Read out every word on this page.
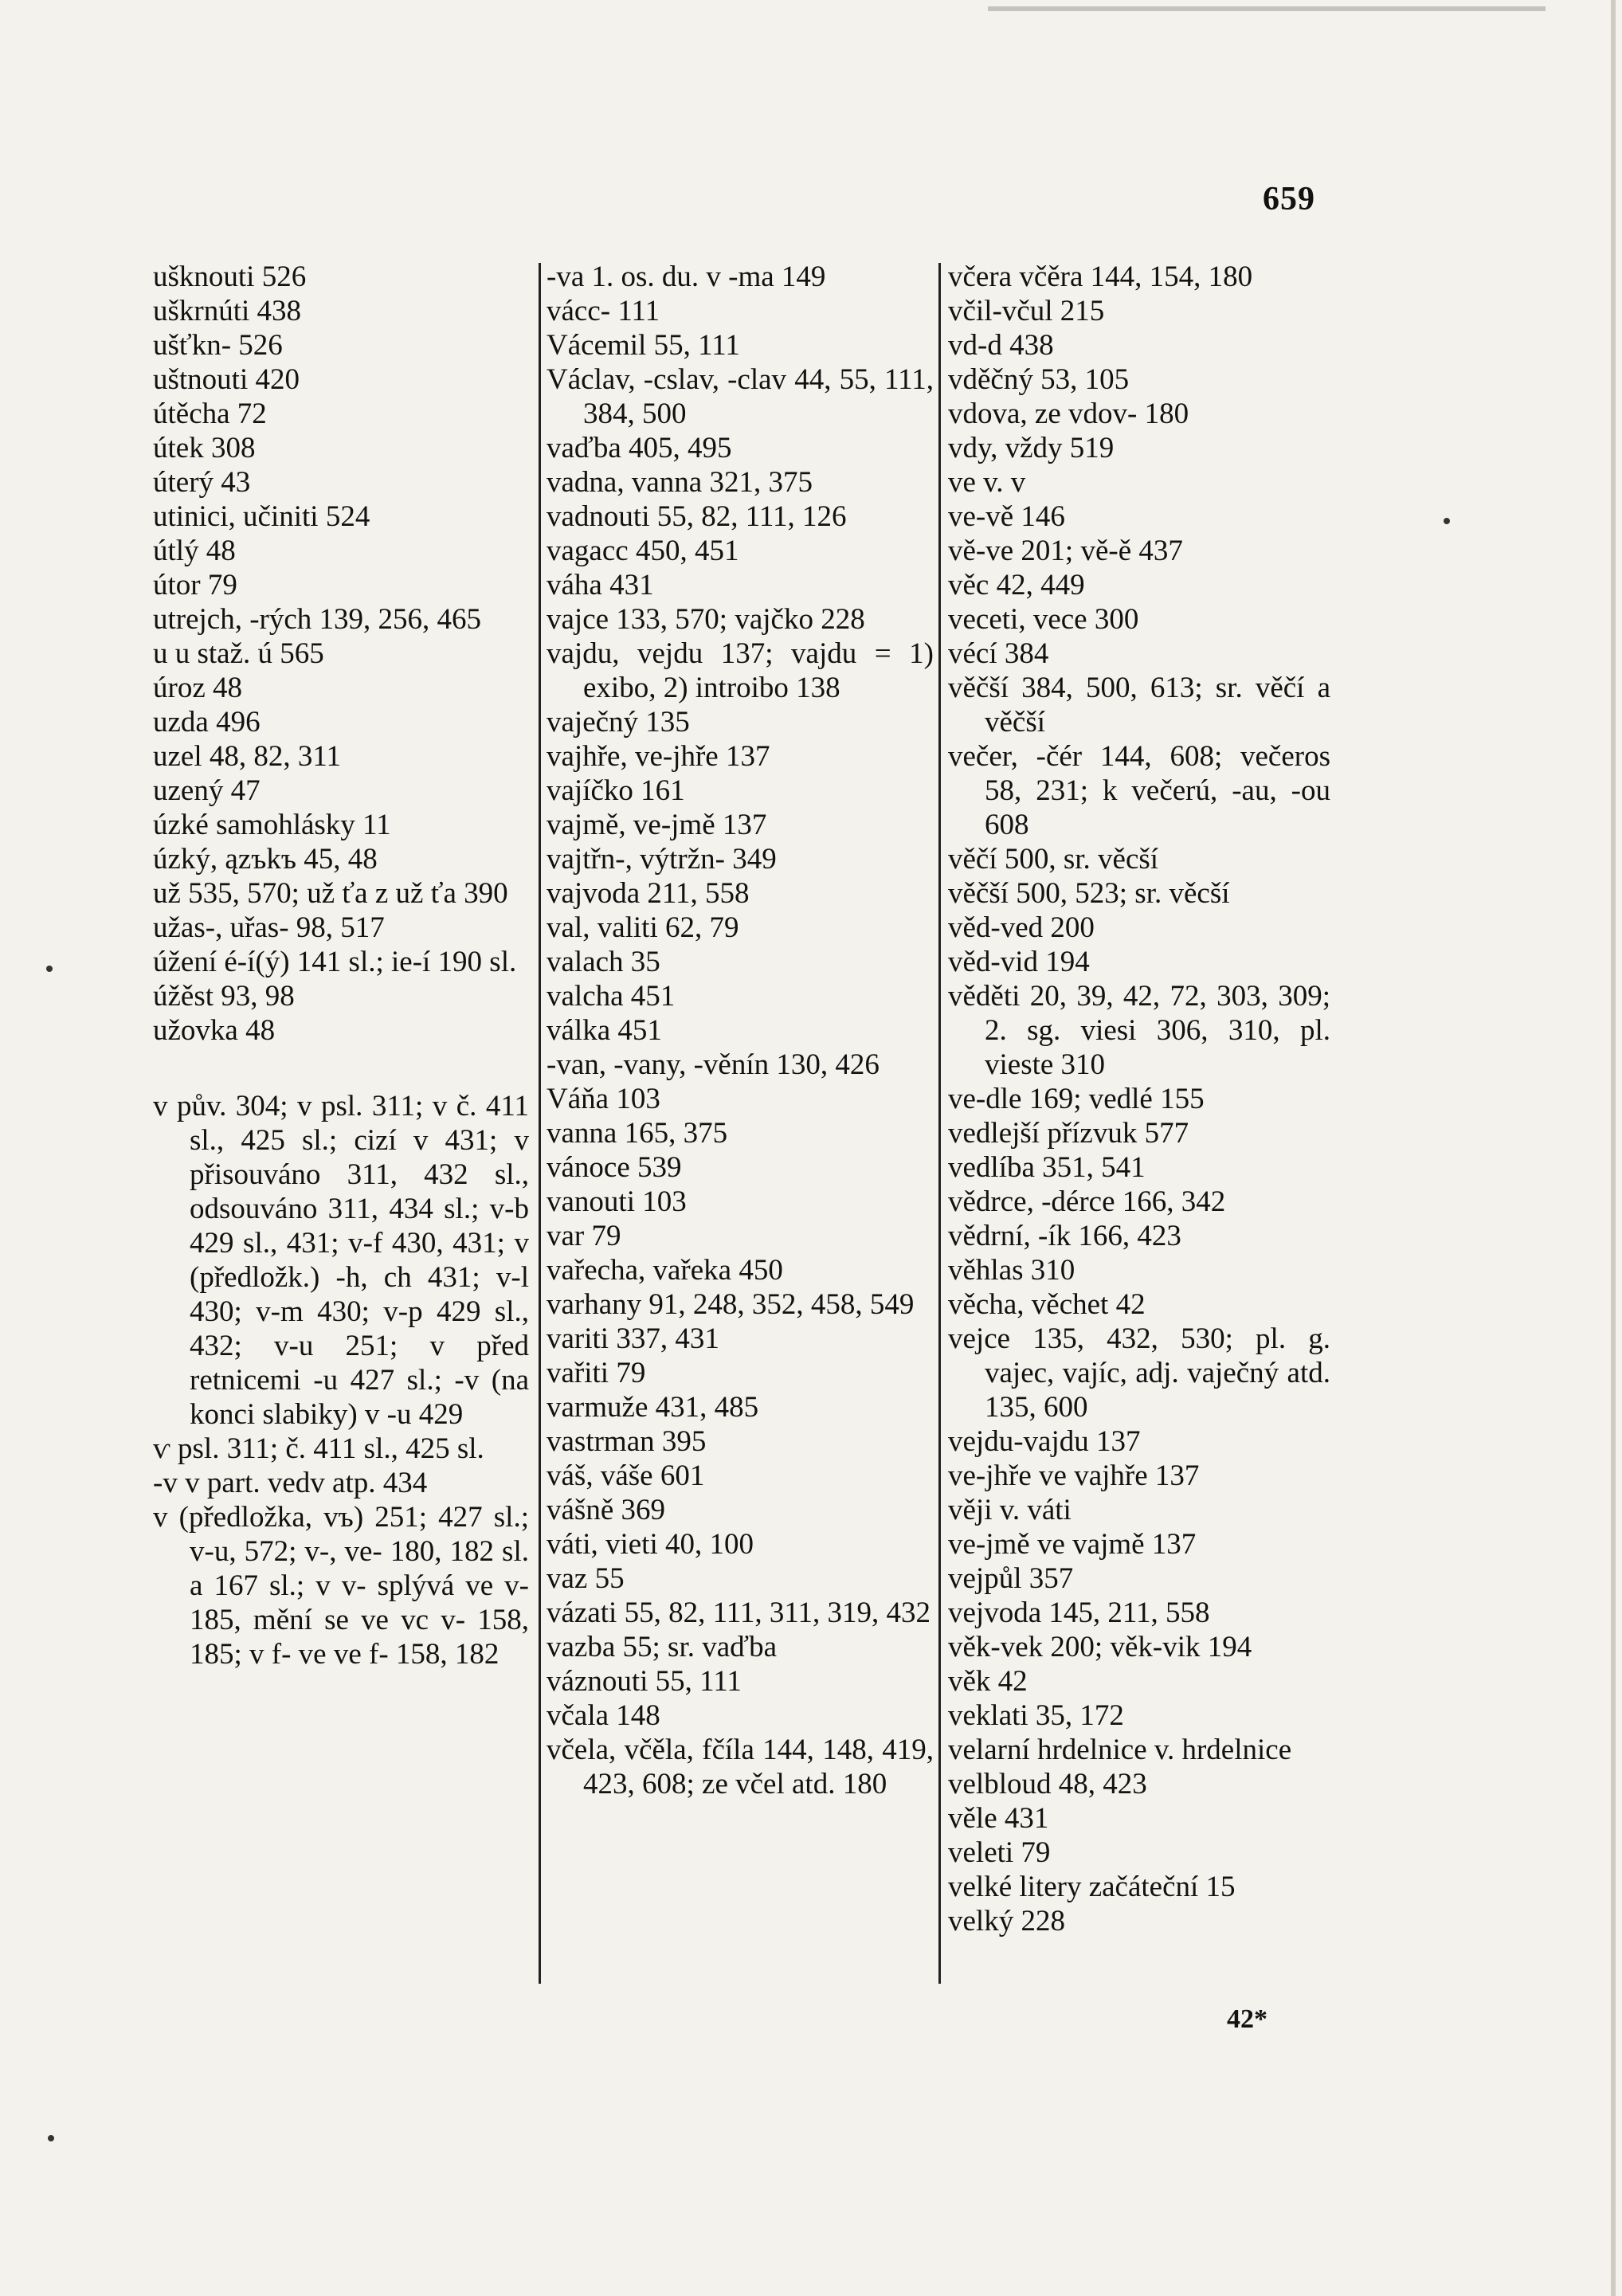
659
ušknouti 526
uškrnúti 438
ušťkn- 526
uštnouti 420
útěcha 72
útek 308
úterý 43
utinici, učiniti 524
útlý 48
útor 79
utrejch, -rých 139, 256, 465
u u staž. ú 565
úroz 48
uzda 496
uzel 48, 82, 311
uzený 47
úzké samohlásky 11
úzký, ązъkъ 45, 48
už 535, 570; už ťa z už ťa 390
užas-, uřas- 98, 517
úžení é-í(ý) 141 sl.; ie-í 190 sl.
úžěst 93, 98
užovka 48
v pův. 304; v psl. 311; v č. 411 sl., 425 sl.; cizí v 431; v přisouváno 311, 432 sl., odsouváno 311, 434 sl.; v-b 429 sl., 431; v-f 430, 431; v (předložk.) -h, ch 431; v-l 430; v-m 430; v-p 429 sl., 432; v-u 251; v před retnicemi -u 427 sl.; -v (na konci slabiky) v -u 429
ѵ psl. 311; č. 411 sl., 425 sl.
-v v part. vedv atp. 434
v (předložka, vъ) 251; 427 sl.; v-u, 572; v-, ve- 180, 182 sl. a 167 sl.; v v- splývá ve v- 185, mění se ve vc v- 158, 185; v f- ve ve f- 158, 182
-va 1. os. du. v -ma 149
vácc- 111
Vácemil 55, 111
Václav, -cslav, -clav 44, 55, 111, 384, 500
vaďba 405, 495
vadna, vanna 321, 375
vadnouti 55, 82, 111, 126
vagacc 450, 451
váha 431
vajce 133, 570; vajčko 228
vajdu, vejdu 137; vajdu = 1) exibo, 2) introibo 138
vaječný 135
vajhře, ve-jhře 137
vajíčko 161
vajmě, ve-jmě 137
vajtřn-, výtržn- 349
vajvoda 211, 558
val, valiti 62, 79
valach 35
valcha 451
válka 451
-van, -vany, -věnín 130, 426
Váňa 103
vanna 165, 375
vánoce 539
vanouti 103
var 79
vařecha, vařeka 450
varhany 91, 248, 352, 458, 549
variti 337, 431
vařiti 79
varmuže 431, 485
vastrman 395
váš, váše 601
vášně 369
váti, vieti 40, 100
vaz 55
vázati 55, 82, 111, 311, 319, 432
vazba 55; sr. vaďba
váznouti 55, 111
včala 148
včela, včěla, fčíla 144, 148, 419, 423, 608; ze včel atd. 180
včera včěra 144, 154, 180
včil-včul 215
vd-d 438
vděčný 53, 105
vdova, ze vdov- 180
vdy, vždy 519
ve v. v
ve-vě 146
vě-ve 201; vě-ě 437
věc 42, 449
veceti, vece 300
vécí 384
věčší 384, 500, 613; sr. věčí a věčší
večer, -čér 144, 608; večeros 58, 231; k večerú, -au, -ou 608
věčí 500, sr. věcší
věčší 500, 523; sr. věcší
věd-ved 200
věd-vid 194
věděti 20, 39, 42, 72, 303, 309; 2. sg. viesi 306, 310, pl. vieste 310
ve-dle 169; vedlé 155
vedlejší přízvuk 577
vedlíba 351, 541
vědrce, -dérce 166, 342
vědrní, -ík 166, 423
věhlas 310
věcha, věchet 42
vejce 135, 432, 530; pl. g. vajec, vajíc, adj. vaječný atd. 135, 600
vejdu-vajdu 137
ve-jhře ve vajhře 137
věji v. váti
ve-jmě ve vajmě 137
vejpůl 357
vejvoda 145, 211, 558
věk-vek 200; věk-vik 194
věk 42
veklati 35, 172
velarní hrdelnice v. hrdelnice
velbloud 48, 423
věle 431
veleti 79
velké litery začáteční 15
velký 228
42*
